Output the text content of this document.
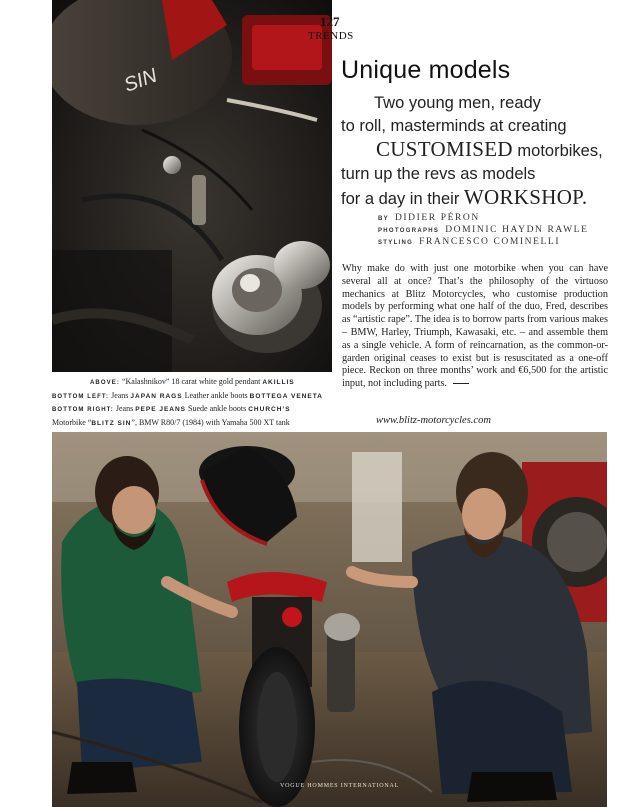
SIN
127
TRENDS
Unique models
Two young men, ready
to roll, masterminds at creating
CUSTOMISED motorbikes,
turn up the revs as models
for a day in their WORKSHOP.
BY DIDIER PÉRON
PHOTOGRAPHS DOMINIC HAYDN RAWLE
STYLING FRANCESCO COMINELLI
Why make do with just one motorbike when you can have several all at once? That’s the philosophy of the virtuoso mechanics at Blitz Motorcycles, who customise production models by performing what one half of the duo, Fred, describes as “artistic rape”. The idea is to borrow parts from various makes – BMW, Harley, Triumph, Kawasaki, etc. – and assemble them as a single vehicle. A form of reincarnation, as the common-or-garden original ceases to exist but is resuscitated as a one-off piece. Reckon on three months’ work and €6,500 for the artistic input, not including parts.
www.blitz-motorcycles.com
ABOVE: “Kalashnikov” 18 carat white gold pendant AKILLIS
BOTTOM LEFT: Jeans JAPAN RAGS Leather ankle boots BOTTEGA VENETA
BOTTOM RIGHT: Jeans PEPE JEANS Suede ankle boots CHURCH’S
Motorbike “BLITZ SIN”, BMW R80/7 (1984) with Yamaha 500 XT tank
VOGUE HOMMES INTERNATIONAL
